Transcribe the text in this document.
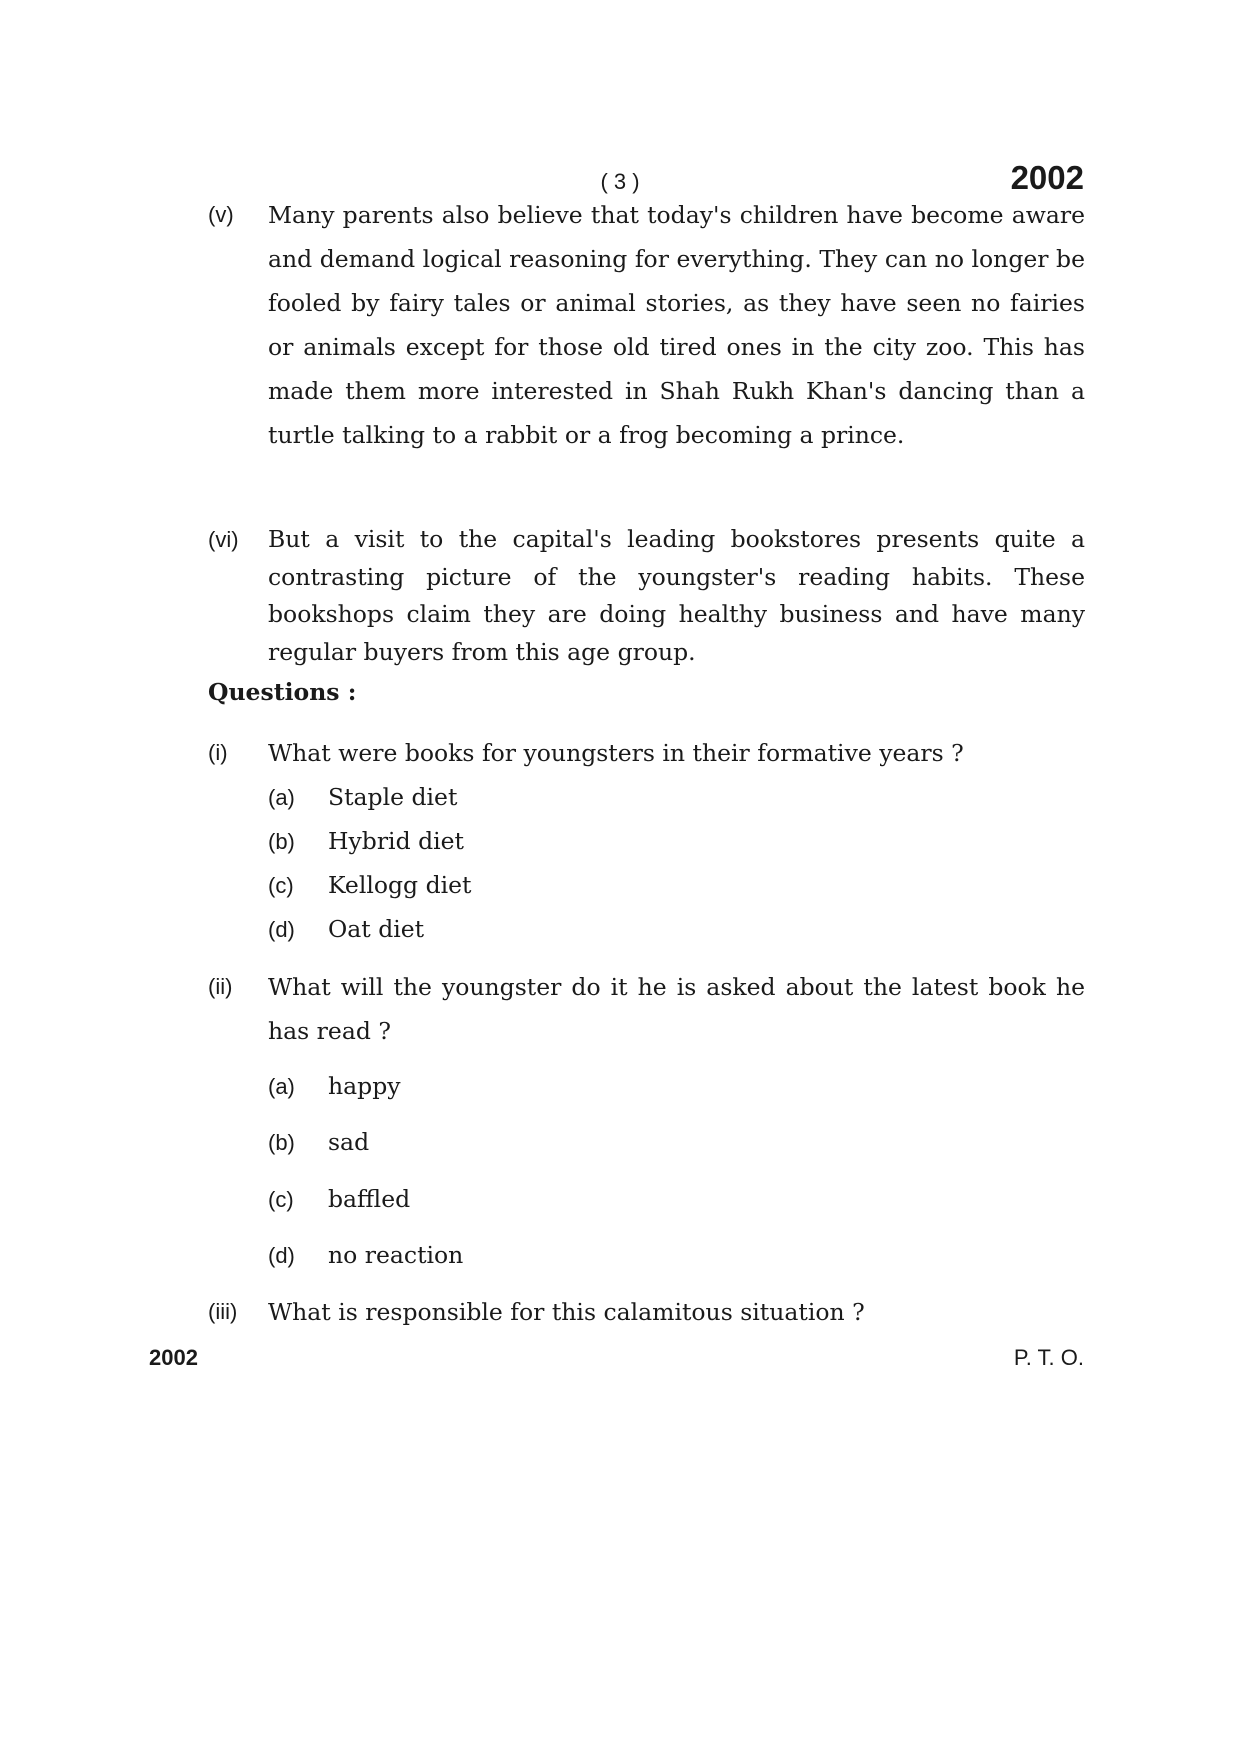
( 3 )	2002
(v) Many parents also believe that today's children have become aware and demand logical reasoning for everything. They can no longer be fooled by fairy tales or animal stories, as they have seen no fairies or animals except for those old tired ones in the city zoo. This has made them more interested in Shah Rukh Khan's dancing than a turtle talking to a rabbit or a frog becoming a prince.
(vi) But a visit to the capital's leading bookstores presents quite a contrasting picture of the youngster's reading habits. These bookshops claim they are doing healthy business and have many regular buyers from this age group.
Questions :
(i) What were books for youngsters in their formative years ?
(a) Staple diet
(b) Hybrid diet
(c) Kellogg diet
(d) Oat diet
(ii) What will the youngster do it he is asked about the latest book he has read ?
(a) happy
(b) sad
(c) baffled
(d) no reaction
(iii) What is responsible for this calamitous situation ?
2002	P. T. O.
